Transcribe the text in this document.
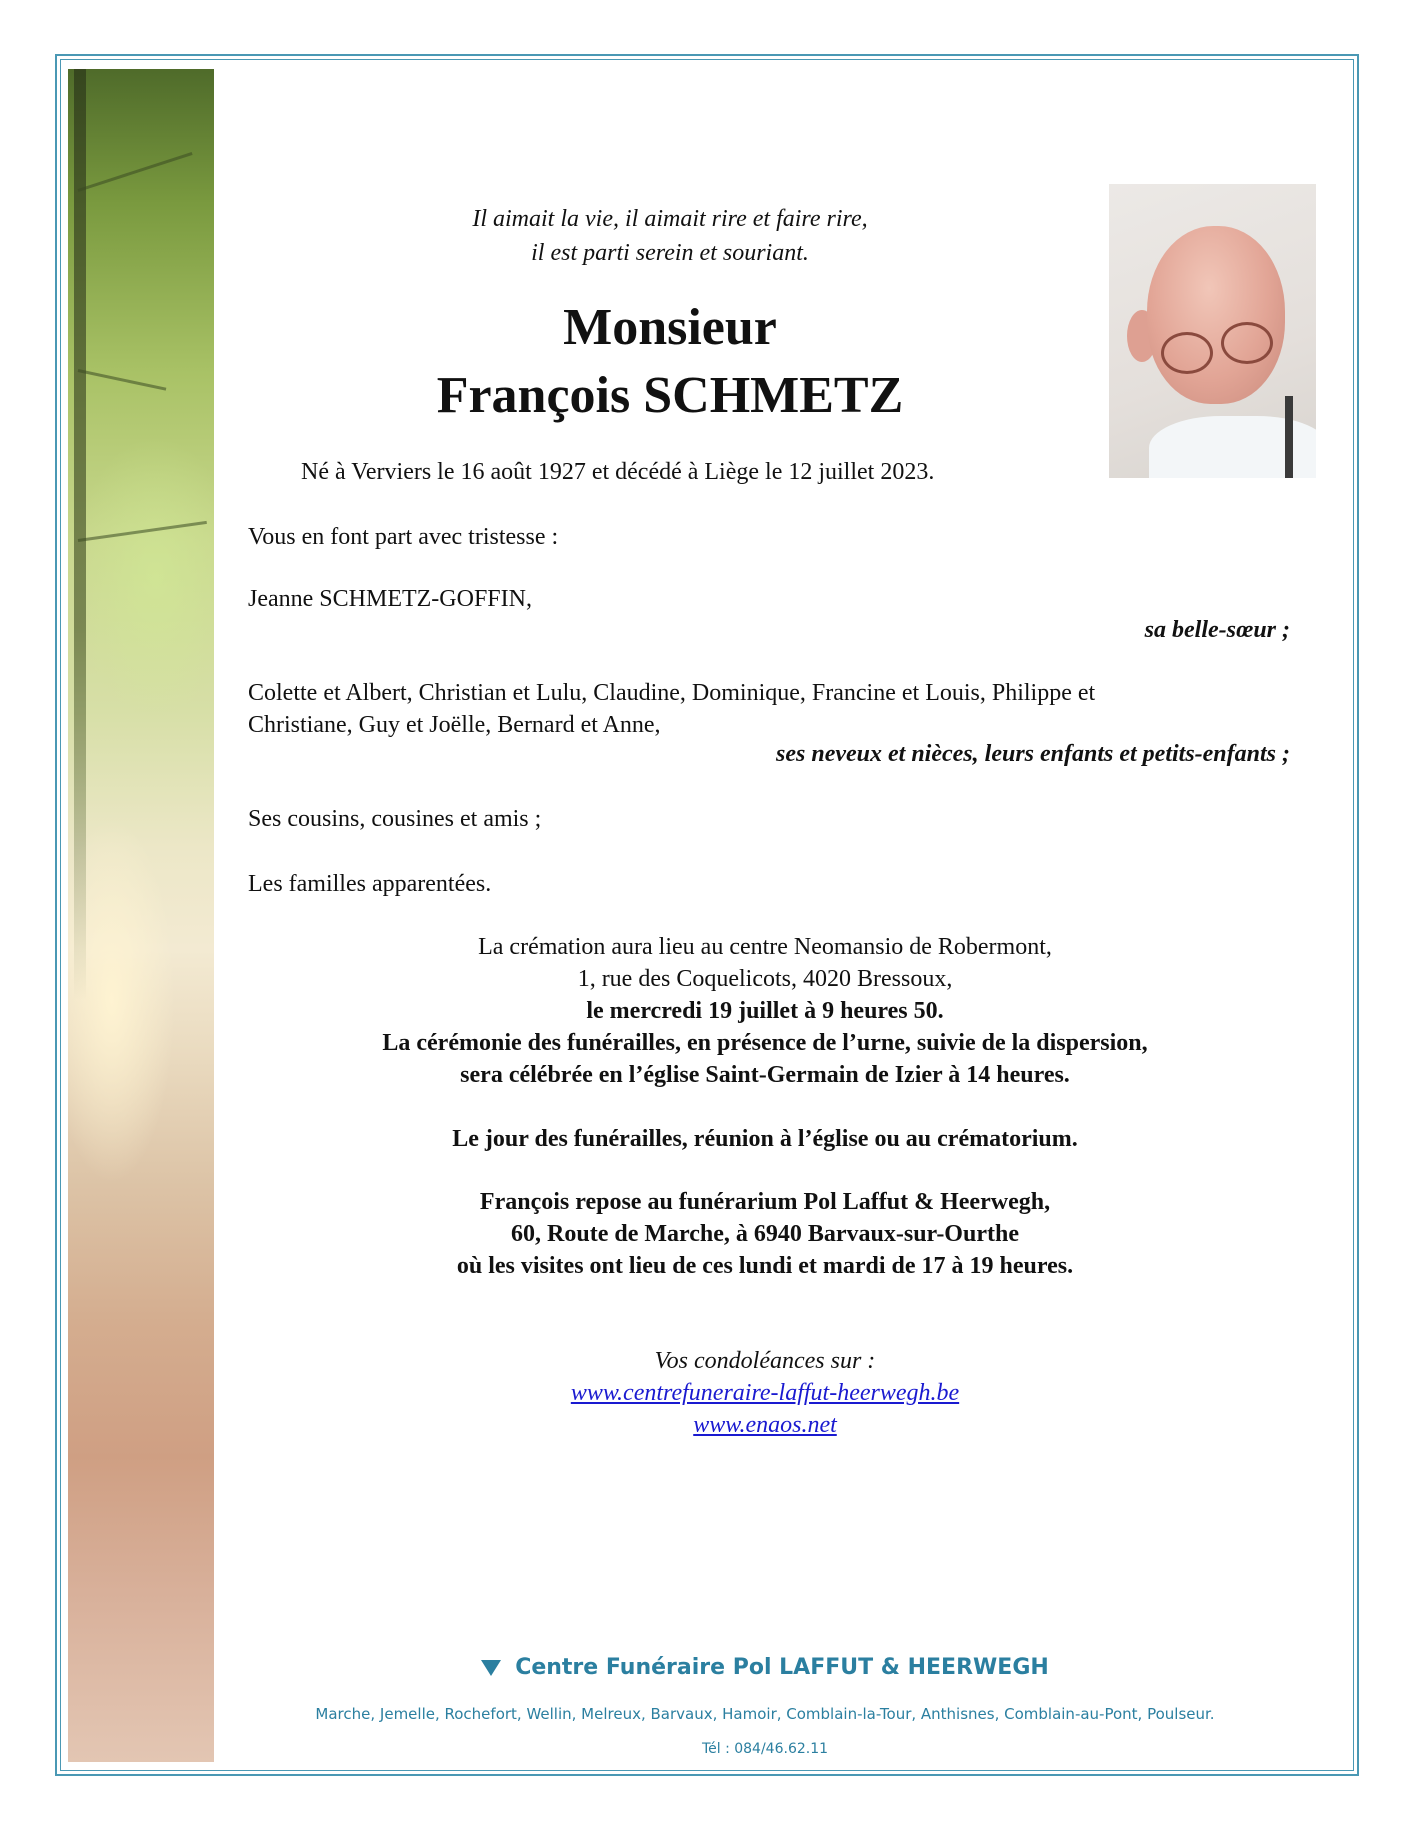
Il aimait la vie, il aimait rire et faire rire,
il est parti serein et souriant.
Monsieur
François SCHMETZ
Né à Verviers le 16 août 1927 et décédé à Liège le 12 juillet 2023.
Vous en font part avec tristesse :
Jeanne SCHMETZ-GOFFIN,
sa belle-sœur ;
Colette et Albert, Christian et Lulu, Claudine, Dominique, Francine et Louis, Philippe et
Christiane, Guy et Joëlle, Bernard et Anne,
ses neveux et nièces, leurs enfants et petits-enfants ;
Ses cousins, cousines et amis ;
Les familles apparentées.
La crémation aura lieu au centre Neomansio de Robermont,
1, rue des Coquelicots, 4020 Bressoux,
le mercredi 19 juillet à 9 heures 50.
La cérémonie des funérailles, en présence de l’urne, suivie de la dispersion,
sera célébrée en l’église Saint-Germain de Izier à 14 heures.
Le jour des funérailles, réunion à l’église ou au crématorium.
François repose au funérarium Pol Laffut & Heerwegh,
60, Route de Marche, à 6940 Barvaux-sur-Ourthe
où les visites ont lieu de ces lundi et mardi de 17 à 19 heures.
Vos condoléances sur :
www.centrefuneraire-laffut-heerwegh.be
www.enaos.net
Centre Funéraire Pol LAFFUT & HEERWEGH
Marche, Jemelle, Rochefort, Wellin, Melreux, Barvaux, Hamoir, Comblain-la-Tour, Anthisnes, Comblain-au-Pont, Poulseur.
Tél : 084/46.62.11
